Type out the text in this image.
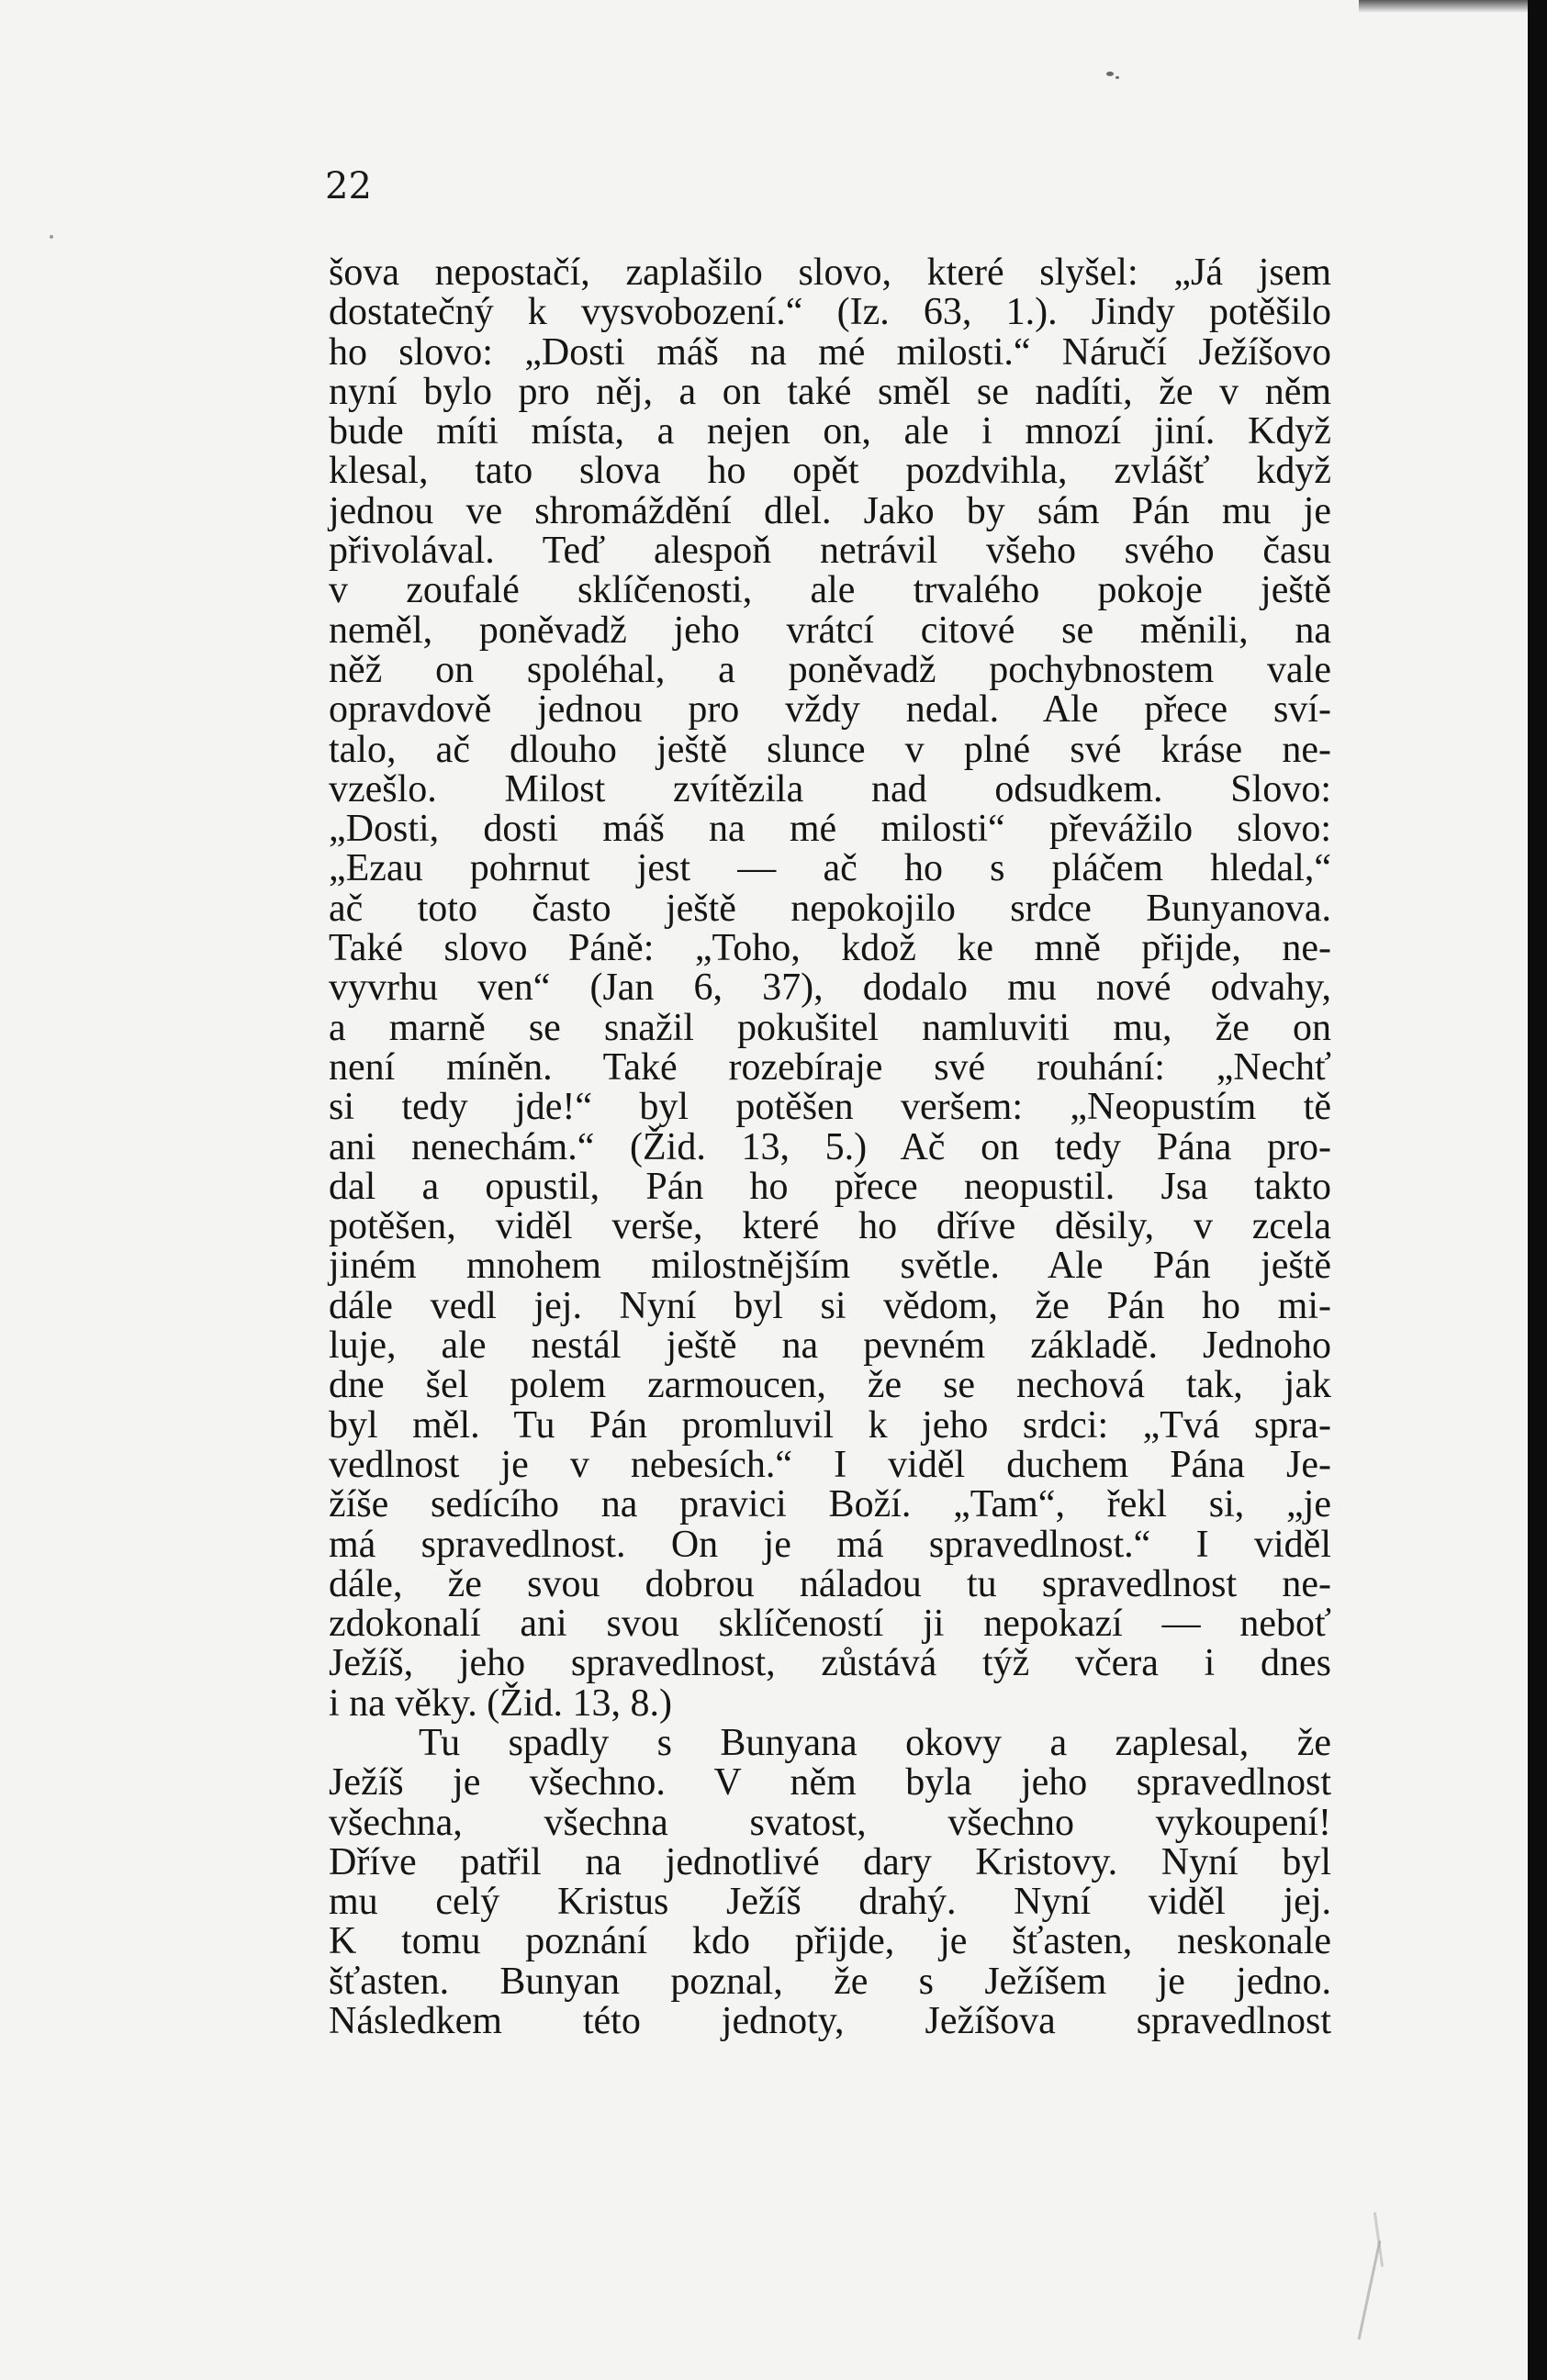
22

šova nepostačí, zaplašilo slovo, které slyšel: „Já jsem
dostatečný k vysvobození.“ (Iz. 63, 1.). Jindy potěšilo
ho slovo: „Dosti máš na mé milosti.“ Náručí Ježíšovo
nyní bylo pro něj, a on také směl se nadíti, že v něm
bude míti místa, a nejen on, ale i mnozí jiní. Když
klesal, tato slova ho opět pozdvihla, zvlášť když
jednou ve shromáždění dlel. Jako by sám Pán mu je
přivolával. Teď alespoň netrávil všeho svého času
v zoufalé sklíčenosti, ale trvalého pokoje ještě
neměl, poněvadž jeho vrátcí citové se měnili, na
něž on spoléhal, a poněvadž pochybnostem vale
opravdově jednou pro vždy nedal. Ale přece sví-
talo, ač dlouho ještě slunce v plné své kráse ne-
vzešlo. Milost zvítězila nad odsudkem. Slovo:
„Dosti, dosti máš na mé milosti“ převážilo slovo:
„Ezau pohrnut jest — ač ho s pláčem hledal,“
ač toto často ještě nepokojilo srdce Bunyanova.
Také slovo Páně: „Toho, kdož ke mně přijde, ne-
vyvrhu ven“ (Jan 6, 37), dodalo mu nové odvahy,
a marně se snažil pokušitel namluviti mu, že on
není míněn. Také rozebíraje své rouhání: „Nechť
si tedy jde!“ byl potěšen veršem: „Neopustím tě
ani nenechám.“ (Žid. 13, 5.) Ač on tedy Pána pro-
dal a opustil, Pán ho přece neopustil. Jsa takto
potěšen, viděl verše, které ho dříve děsily, v zcela
jiném mnohem milostnějším světle. Ale Pán ještě
dále vedl jej. Nyní byl si vědom, že Pán ho mi-
luje, ale nestál ještě na pevném základě. Jednoho
dne šel polem zarmoucen, že se nechová tak, jak
byl měl. Tu Pán promluvil k jeho srdci: „Tvá spra-
vedlnost je v nebesích.“ I viděl duchem Pána Je-
žíše sedícího na pravici Boží. „Tam“, řekl si, „je
má spravedlnost. On je má spravedlnost.“ I viděl
dále, že svou dobrou náladou tu spravedlnost ne-
zdokonalí ani svou sklíčeností ji nepokazí — neboť
Ježíš, jeho spravedlnost, zůstává týž včera i dnes
i na věky. (Žid. 13, 8.)
Tu spadly s Bunyana okovy a zaplesal, že
Ježíš je všechno. V něm byla jeho spravedlnost
všechna, všechna svatost, všechno vykoupení!
Dříve patřil na jednotlivé dary Kristovy. Nyní byl
mu celý Kristus Ježíš drahý. Nyní viděl jej.
K tomu poznání kdo přijde, je šťasten, neskonale
šťasten. Bunyan poznal, že s Ježíšem je jedno.
Následkem této jednoty, Ježíšova spravedlnost
